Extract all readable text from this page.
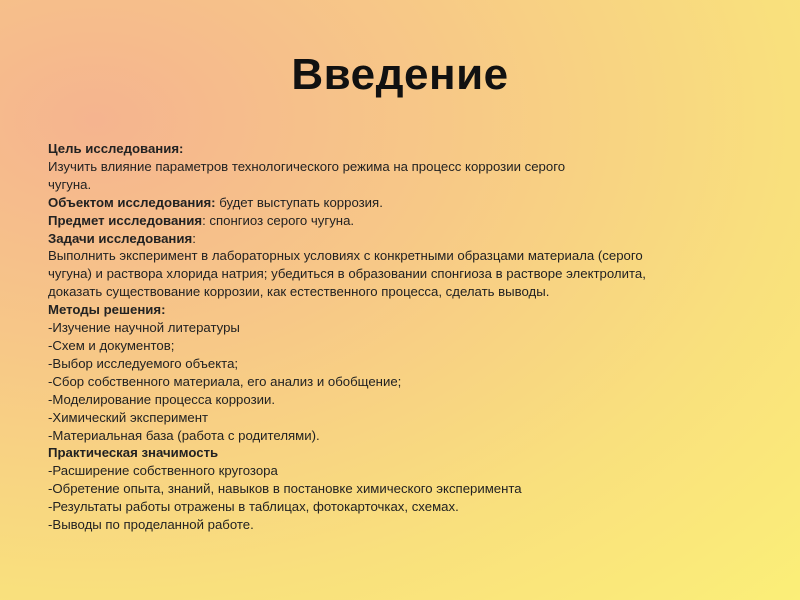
Введение
Цель исследования:
Изучить влияние параметров технологического режима на процесс коррозии серого
чугуна.
Объектом исследования: будет выступать коррозия.
Предмет исследования: спонгиоз серого чугуна.
Задачи исследования:
Выполнить эксперимент в лабораторных условиях с конкретными образцами материала (серого
чугуна) и раствора хлорида натрия; убедиться в образовании спонгиоза в растворе электролита,
доказать существование коррозии, как естественного процесса, сделать выводы.
Методы решения:
-Изучение научной литературы
-Схем и документов;
-Выбор исследуемого объекта;
-Сбор собственного материала, его анализ и обобщение;
-Моделирование процесса коррозии.
-Химический эксперимент
-Материальная база (работа с родителями).
Практическая значимость
-Расширение собственного кругозора
-Обретение опыта, знаний, навыков в постановке химического эксперимента
-Результаты работы отражены в таблицах, фотокарточках, схемах.
-Выводы по проделанной работе.
